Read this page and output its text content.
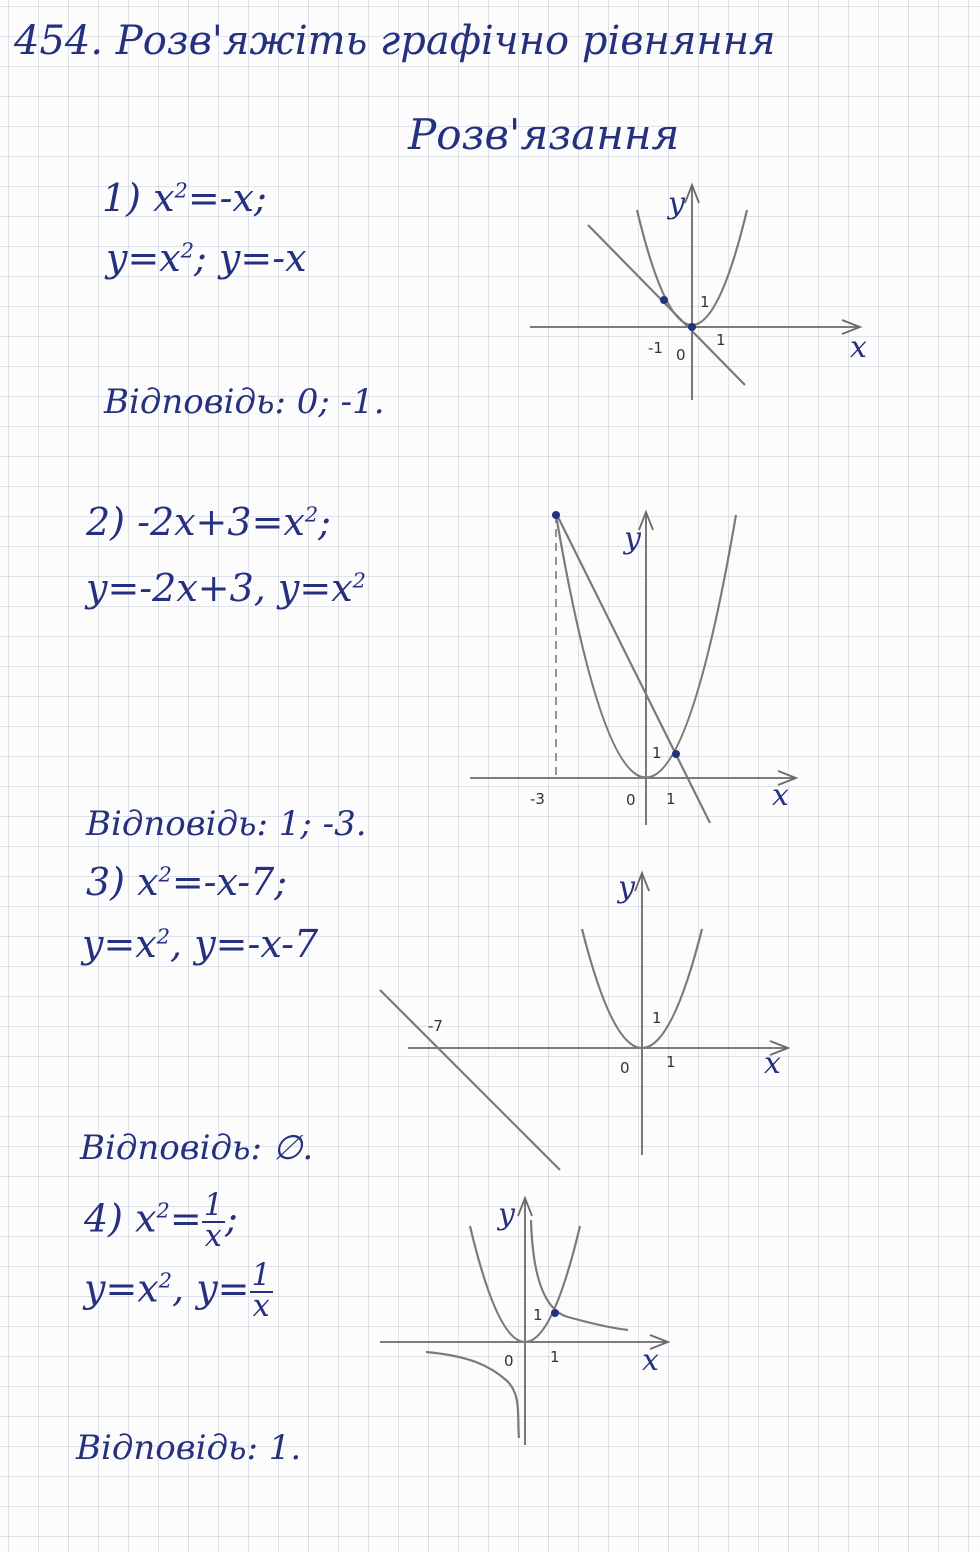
454. Розв'яжіть графічно рівняння
Розв'язання
1) $x^2=-x$;
$y=x^2$; y=-x
Відповідь: 0; -1.
-1 0
1
1
x
y
2) $-2x+3=x^2$;
y=-2x+3, $y=x^2$
Відповідь: 1; -3.
-3	0 1
1
x
y
3) $x^2=-x-7$;
$y=x^2$, y=-x-7
Відповідь: ∅.
-7
0 1
1
x
y
4) $x^2= \frac{1}{x}$ ;
$y=x^2$, $y= \frac{1}{x}$
Відповідь: 1.
0 1
1
x
y
